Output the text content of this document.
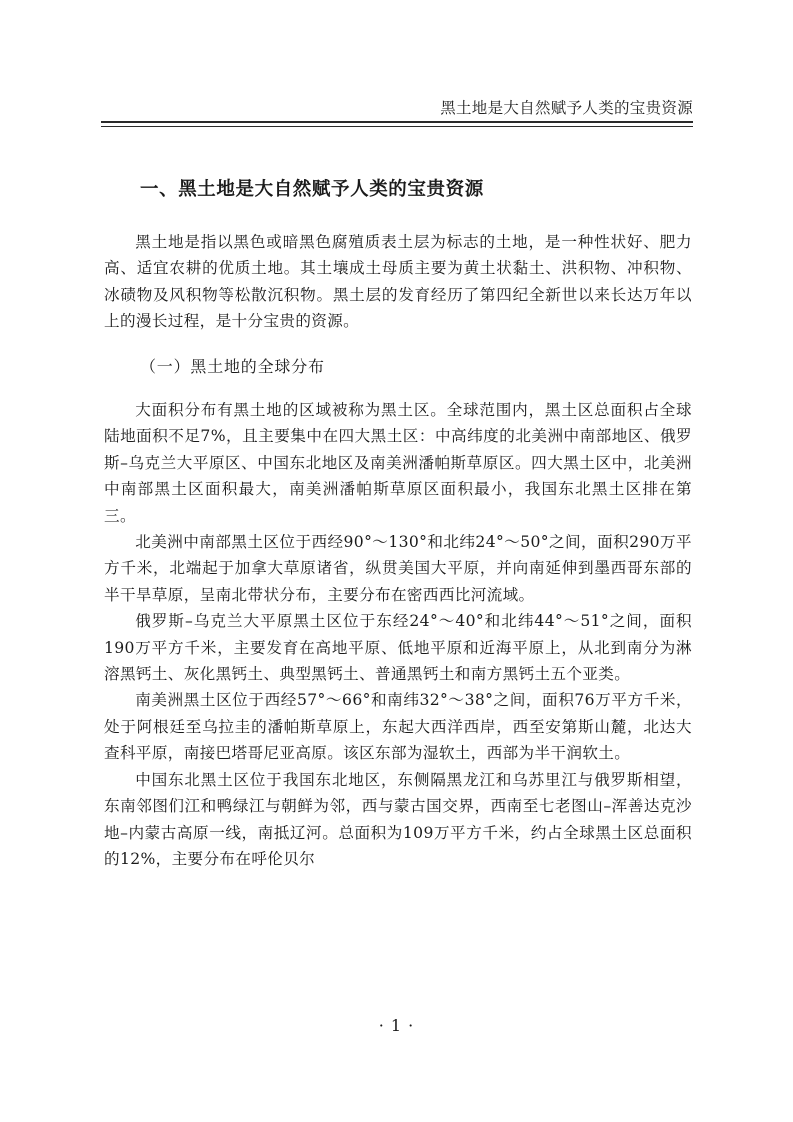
黑土地是大自然赋予人类的宝贵资源
一、黑土地是大自然赋予人类的宝贵资源

黑土地是指以黑色或暗黑色腐殖质表土层为标志的土地，是一种性状好、肥力高、适宜农耕的优质土地。其土壤成土母质主要为黄土状黏土、洪积物、冲积物、冰碛物及风积物等松散沉积物。黑土层的发育经历了第四纪全新世以来长达万年以上的漫长过程，是十分宝贵的资源。

（一）黑土地的全球分布

大面积分布有黑土地的区域被称为黑土区。全球范围内，黑土区总面积占全球陆地面积不足7%，且主要集中在四大黑土区：中高纬度的北美洲中南部地区、俄罗斯–乌克兰大平原区、中国东北地区及南美洲潘帕斯草原区。四大黑土区中，北美洲中南部黑土区面积最大，南美洲潘帕斯草原区面积最小，我国东北黑土区排在第三。

北美洲中南部黑土区位于西经90°～130°和北纬24°～50°之间，面积290万平方千米，北端起于加拿大草原诸省，纵贯美国大平原，并向南延伸到墨西哥东部的半干旱草原，呈南北带状分布，主要分布在密西西比河流域。

俄罗斯–乌克兰大平原黑土区位于东经24°～40°和北纬44°～51°之间，面积190万平方千米，主要发育在高地平原、低地平原和近海平原上，从北到南分为淋溶黑钙土、灰化黑钙土、典型黑钙土、普通黑钙土和南方黑钙土五个亚类。

南美洲黑土区位于西经57°～66°和南纬32°～38°之间，面积76万平方千米，处于阿根廷至乌拉圭的潘帕斯草原上，东起大西洋西岸，西至安第斯山麓，北达大查科平原，南接巴塔哥尼亚高原。该区东部为湿软土，西部为半干润软土。

中国东北黑土区位于我国东北地区，东侧隔黑龙江和乌苏里江与俄罗斯相望，东南邻图们江和鸭绿江与朝鲜为邻，西与蒙古国交界，西南至七老图山–浑善达克沙地–内蒙古高原一线，南抵辽河。总面积为109万平方千米，约占全球黑土区总面积的12%，主要分布在呼伦贝尔

· 1 ·
